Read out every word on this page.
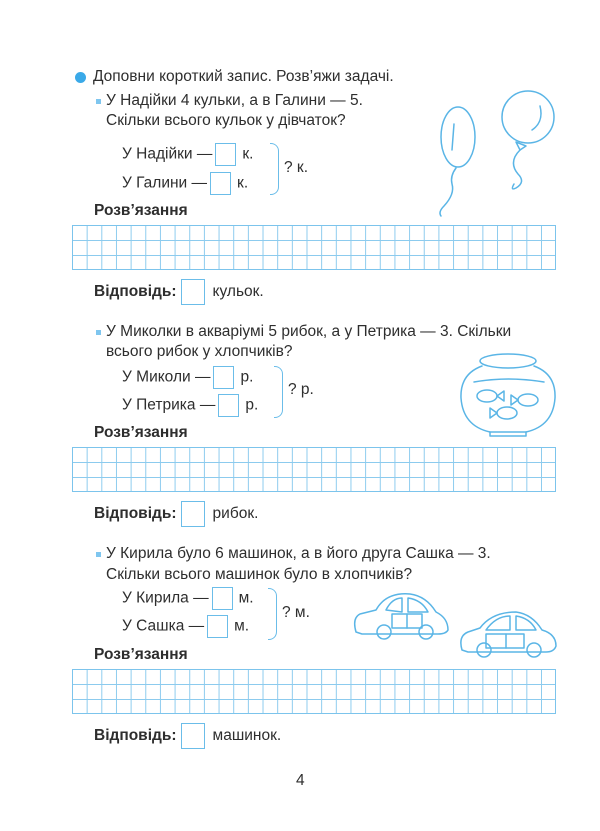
Доповни короткий запис. Розв’яжи задачі.
У Надійки 4 кульки, а в Галини — 5.
Скільки всього кульок у дівчаток?
У Надійки — к.
У Галини — к.
? к.
Розв’язання
Відповідь: кульок.
У Миколки в акваріумі 5 рибок, а у Петрика — 3. Скільки
всього рибок у хлопчиків?
У Миколи — р.
У Петрика — р.
? р.
Розв’язання
Відповідь: рибок.
У Кирила було 6 машинок, а в його друга Сашка — 3.
Скільки всього машинок було в хлопчиків?
У Кирила — м.
У Сашка — м.
? м.
Розв’язання
Відповідь: машинок.
4
